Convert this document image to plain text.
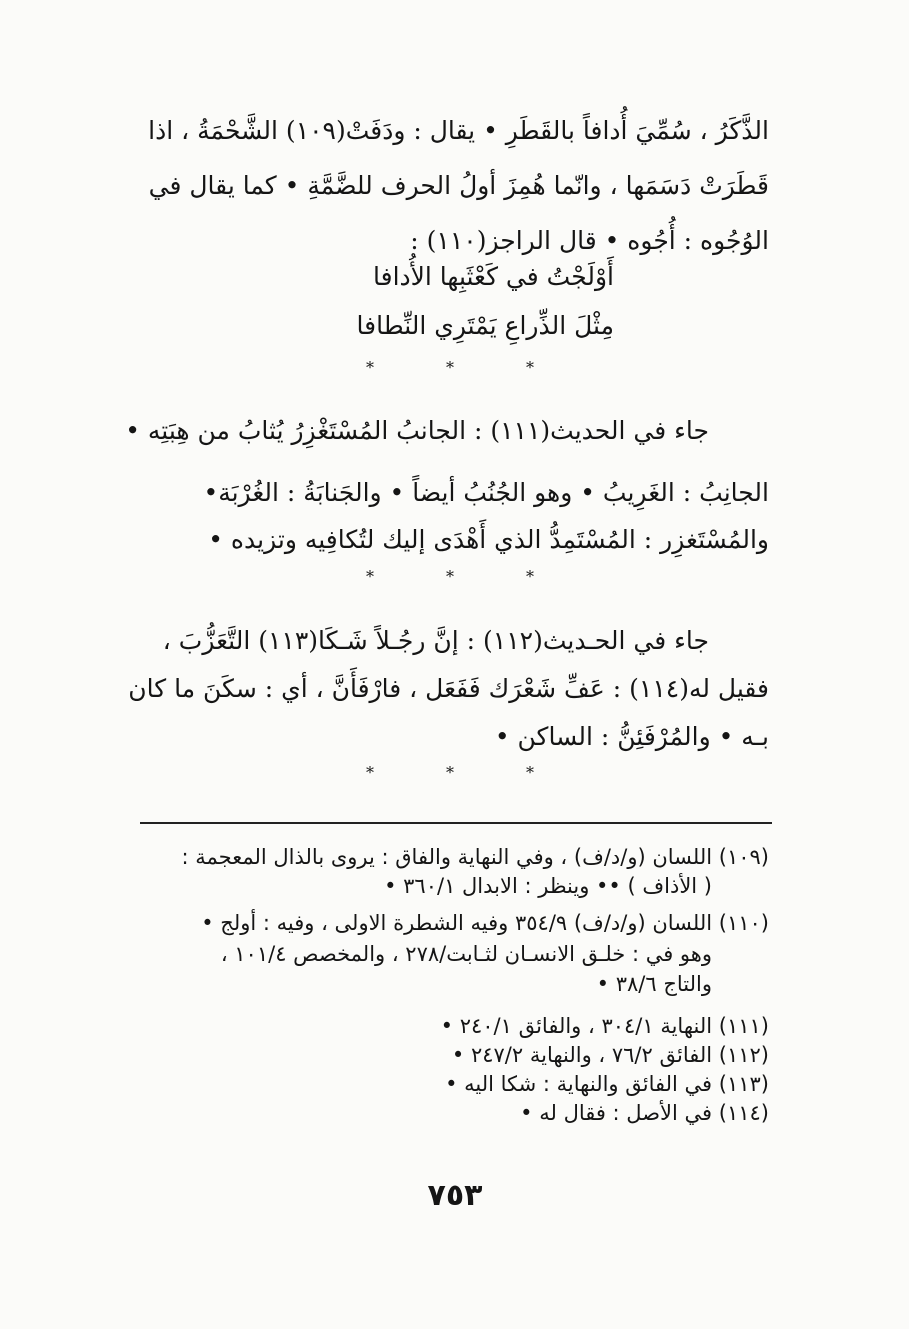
الذَّكَرُ ، سُمِّيَ أُدافاً بالقَطَرِ • يقال : ودَفَتْ(١٠٩) الشَّحْمَةُ ، اذا
قَطَرَتْ دَسَمَها ، وانّما هُمِزَ أولُ الحرف للضَّمَّةِ • كما يقال في
الوُجُوه : أُجُوه • قال الراجز(١١٠) :
أَوْلَجْتُ في كَعْثَبِها الأُدافا
مِثْلَ الذِّراعِ يَمْتَرِي النِّطافا
*	*	*
جاء في الحديث(١١١) : الجانبُ المُسْتَغْزِرُ يُثابُ من هِبَتِه •
الجانِبُ : الغَرِيبُ • وهو الجُنُبُ أيضاً • والجَنابَةُ : الغُرْبَة•
والمُسْتَغزِر : المُسْتَمِدُّ الذي أَهْدَى إليك لتُكافِيه وتزيده •
*	*	*
جاء في الحـديث(١١٢) : إنَّ رجُـلاً شَـكَا(١١٣) التَّعَزُّبَ ،
فقيل له(١١٤) : عَفِّ شَعْرَك فَفَعَل ، فارْفَأَنَّ ، أي : سكَنَ ما كان
بـه • والمُرْفَئِنُّ : الساكن •
*	*	*
(١٠٩) اللسان (و/د/ف) ، وفي النهاية والفاق : يروى بالذال المعجمة :
( الأذاف ) •• وينظر : الابدال ٣٦٠/١ •
(١١٠) اللسان (و/د/ف) ٣٥٤/٩ وفيه الشطرة الاولى ، وفيه : أولج •
وهو في : خلـق الانسـان لثـابت/٢٧٨ ، والمخصص ١٠١/٤ ،
والتاج ٣٨/٦ •
(١١١) النهاية ٣٠٤/١ ، والفائق ٢٤٠/١ •
(١١٢) الفائق ٧٦/٢ ، والنهاية ٢٤٧/٢ •
(١١٣) في الفائق والنهاية : شكا اليه •
(١١٤) في الأصل : فقال له •
٧٥٣
